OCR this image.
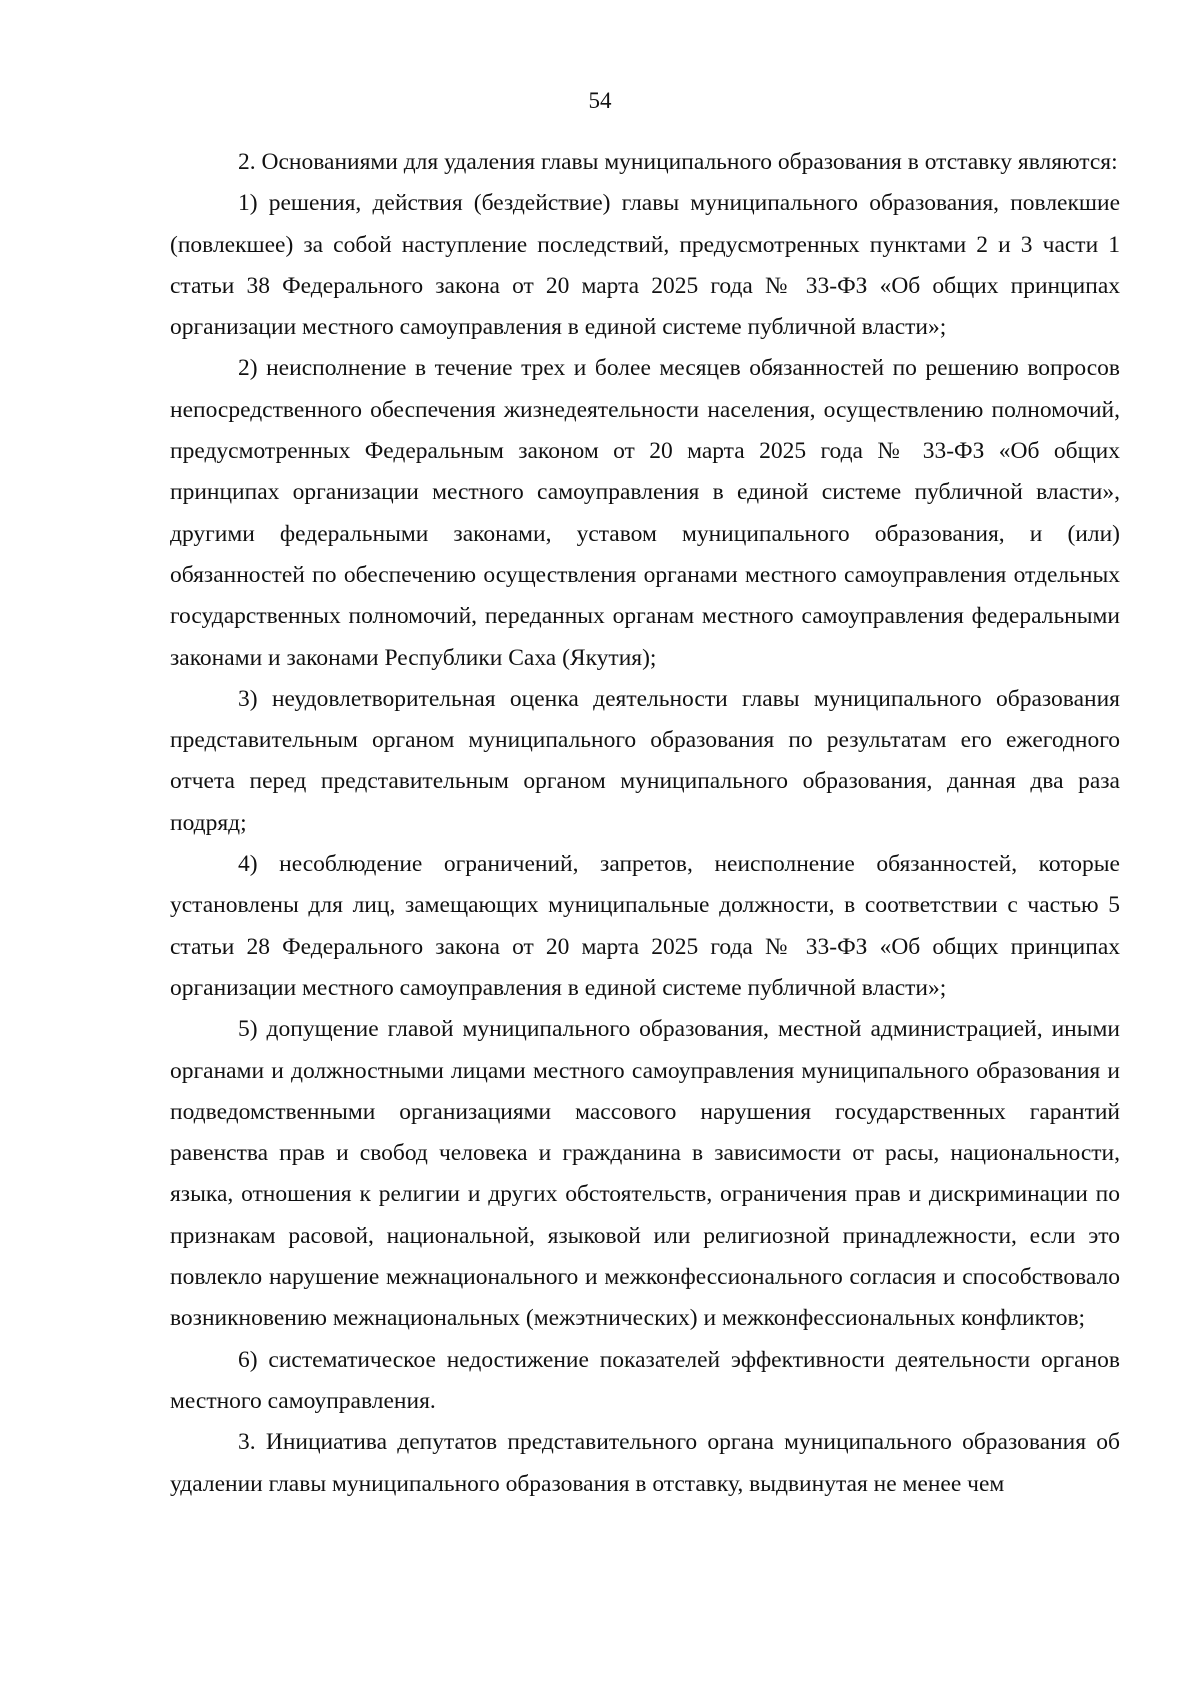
54

2. Основаниями для удаления главы муниципального образования в отставку являются:

1) решения, действия (бездействие) главы муниципального образования, повлекшие (повлекшее) за собой наступление последствий, предусмотренных пунктами 2 и 3 части 1 статьи 38 Федерального закона от 20 марта 2025 года № 33-ФЗ «Об общих принципах организации местного самоуправления в единой системе публичной власти»;

2) неисполнение в течение трех и более месяцев обязанностей по решению вопросов непосредственного обеспечения жизнедеятельности населения, осуществлению полномочий, предусмотренных Федеральным законом от 20 марта 2025 года № 33-ФЗ «Об общих принципах организации местного самоуправления в единой системе публичной власти», другими федеральными законами, уставом муниципального образования, и (или) обязанностей по обеспечению осуществления органами местного самоуправления отдельных государственных полномочий, переданных органам местного самоуправления федеральными законами и законами Республики Саха (Якутия);

3) неудовлетворительная оценка деятельности главы муниципального образования представительным органом муниципального образования по результатам его ежегодного отчета перед представительным органом муниципального образования, данная два раза подряд;

4) несоблюдение ограничений, запретов, неисполнение обязанностей, которые установлены для лиц, замещающих муниципальные должности, в соответствии с частью 5 статьи 28 Федерального закона от 20 марта 2025 года № 33-ФЗ «Об общих принципах организации местного самоуправления в единой системе публичной власти»;

5) допущение главой муниципального образования, местной администрацией, иными органами и должностными лицами местного самоуправления муниципального образования и подведомственными организациями массового нарушения государственных гарантий равенства прав и свобод человека и гражданина в зависимости от расы, национальности, языка, отношения к религии и других обстоятельств, ограничения прав и дискриминации по признакам расовой, национальной, языковой или религиозной принадлежности, если это повлекло нарушение межнационального и межконфессионального согласия и способствовало возникновению межнациональных (межэтнических) и межконфессиональных конфликтов;

6) систематическое недостижение показателей эффективности деятельности органов местного самоуправления.

3. Инициатива депутатов представительного органа муниципального образования об удалении главы муниципального образования в отставку, выдвинутая не менее чем
